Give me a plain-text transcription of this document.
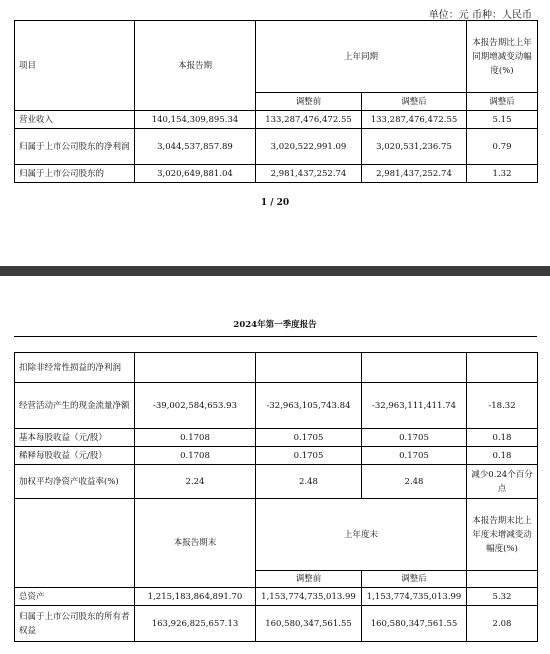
单位：元 币种：人民币
项目	本报告期	上年同期		本报告期比上年同期增减变动幅度(%)
		调整前	调整后	调整后
营业收入	140,154,309,895.34	133,287,476,472.55	133,287,476,472.55	5.15
归属于上市公司股东的净利润	3,044,537,857.89	3,020,522,991.09	3,020,531,236.75	0.79
归属于上市公司股东的	3,020,649,881.04	2,981,437,252.74	2,981,437,252.74	1.32
1 / 20
2024年第一季度报告
扣除非经常性损益的净利润				
经营活动产生的现金流量净额	-39,002,584,653.93	-32,963,105,743.84	-32,963,111,411.74	-18.32
基本每股收益（元/股）	0.1708	0.1705	0.1705	0.18
稀释每股收益（元/股）	0.1708	0.1705	0.1705	0.18
加权平均净资产收益率(%)	2.24	2.48	2.48	减少0.24个百分点
	本报告期末	上年度末		本报告期末比上年度末增减变动幅度(%)
		调整前	调整后	
总资产	1,215,183,864,891.70	1,153,774,735,013.99	1,153,774,735,013.99	5.32
归属于上市公司股东的所有者权益	163,926,825,657.13	160,580,347,561.55	160,580,347,561.55	2.08
